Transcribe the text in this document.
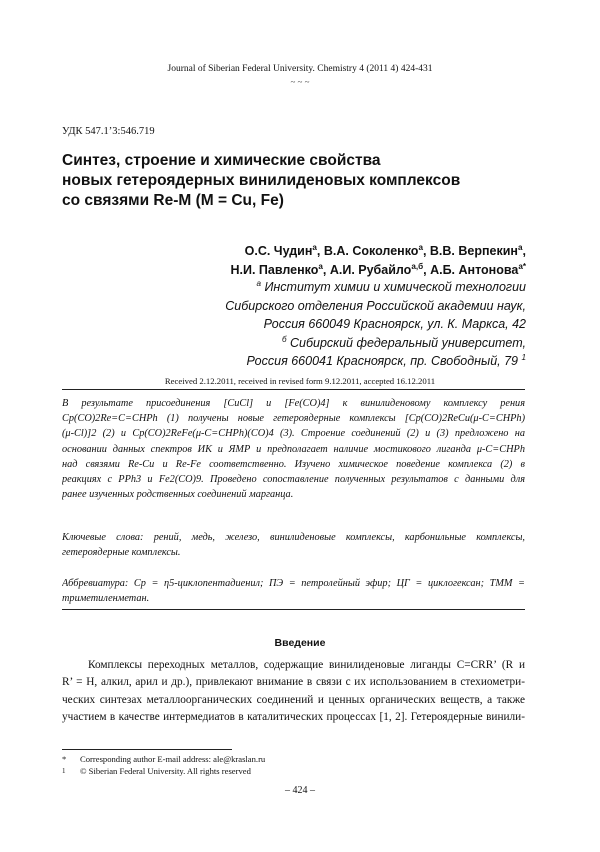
Journal of Siberian Federal University. Chemistry 4 (2011 4) 424-431
~ ~ ~
УДК 547.1’3:546.719
Синтез, строение и химические свойства
новых гетероядерных винилиденовых комплексов
со связями Re-M (M = Cu, Fe)
О.С. Чудин$^а$, В.А. Соколенко$^а$, В.В. Верпекин$^а$,
Н.И. Павленко$^а$, А.И. Рубайло$^{а,б}$, А.Б. Антонова$^{а*}$
$^а$ Институт химии и химической технологии
Сибирского отделения Российской академии наук,
Россия 660049 Красноярск, ул. К. Маркса, 42
$^б$ Сибирский федеральный университет,
Россия 660041 Красноярск, пр. Свободный, 79 $^1$
Received 2.12.2011, received in revised form 9.12.2011, accepted 16.12.2011
В результате присоединения [CuCl] и [Fe(CO)4] к винилиденовому комплексу рения
Cp(CO)2Re=C=CHPh (1) получены новые гетероядерные комплексы [Cp(CO)2ReCu(μ-C=CHPh)
(μ-Cl)]2 (2) и Cp(CO)2ReFe(μ-C=CHPh)(CO)4 (3). Строение соединений (2) и (3) предложено на
основании данных спектров ИК и ЯМР и предполагает наличие мостикового лиганда μ-C=CHPh
над связями Re-Cu и Re-Fe соответственно. Изучено химическое поведение комплекса (2) в
реакциях с PPh3 и Fe2(CO)9. Проведено сопоставление полученных результатов с данными для
ранее изученных родственных соединений марганца.
Ключевые слова: рений, медь, железо, винилиденовые комплексы, карбонильные комплексы,
гетероядерные комплексы.
Аббревиатура: Cp = η5-циклопентадиенил; ПЭ = петролейный эфир; ЦГ = циклогексан; ТММ =
триметиленметан.
Введение
Комплексы переходных металлов, содержащие винилиденовые лиганды C=CRR’ (R и
R’ = H, алкил, арил и др.), привлекают внимание в связи с их использованием в стехиометри-
ческих синтезах металлоорганических соединений и ценных органических веществ, а также
участием в качестве интермедиатов в каталитических процессах [1, 2]. Гетероядерные винили-
* Corresponding author E-mail address: ale@kraslan.ru
1 © Siberian Federal University. All rights reserved
– 424 –
